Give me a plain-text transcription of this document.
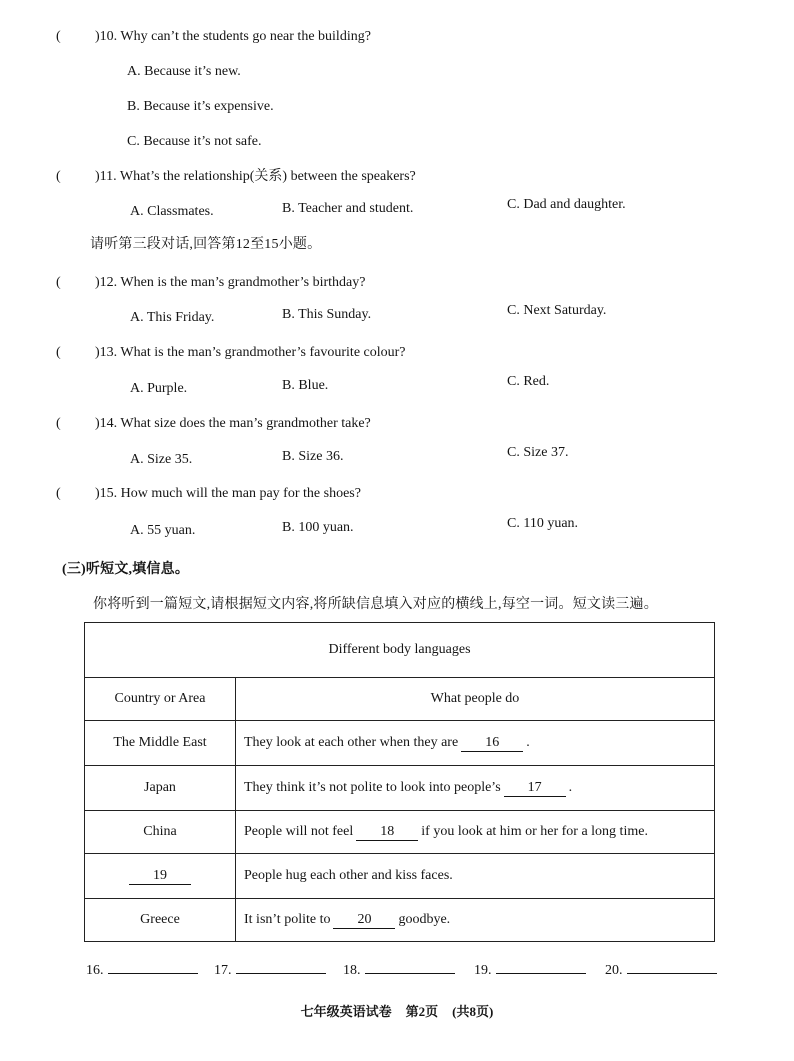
( )10. Why can’t the students go near the building?
A. Because it’s new.
B. Because it’s expensive.
C. Because it’s not safe.
( )11. What’s the relationship(关系) between the speakers?
A. Classmates.	B. Teacher and student.	C. Dad and daughter.
请听第三段对话,回答第12至15小题。
( )12. When is the man’s grandmother’s birthday?
A. This Friday.	B. This Sunday.	C. Next Saturday.
( )13. What is the man’s grandmother’s favourite colour?
A. Purple.	B. Blue.	C. Red.
( )14. What size does the man’s grandmother take?
A. Size 35.	B. Size 36.	C. Size 37.
( )15. How much will the man pay for the shoes?
A. 55 yuan.	B. 100 yuan.	C. 110 yuan.
(三)听短文,填信息。
你将听到一篇短文,请根据短文内容,将所缺信息填入对应的横线上,每空一词。短文读三遍。
Different body languages	
Country or Area	What people do
The Middle East	They look at each other when they are 16 .
Japan	They think it’s not polite to look into people’s 17 .
China	People will not feel 18 if you look at him or her for a long time.
19	People hug each other and kiss faces.
Greece	It isn’t polite to 20 goodbye.
16.	17.	18.	19.	20.
七年级英语试卷 第2页 (共8页)
